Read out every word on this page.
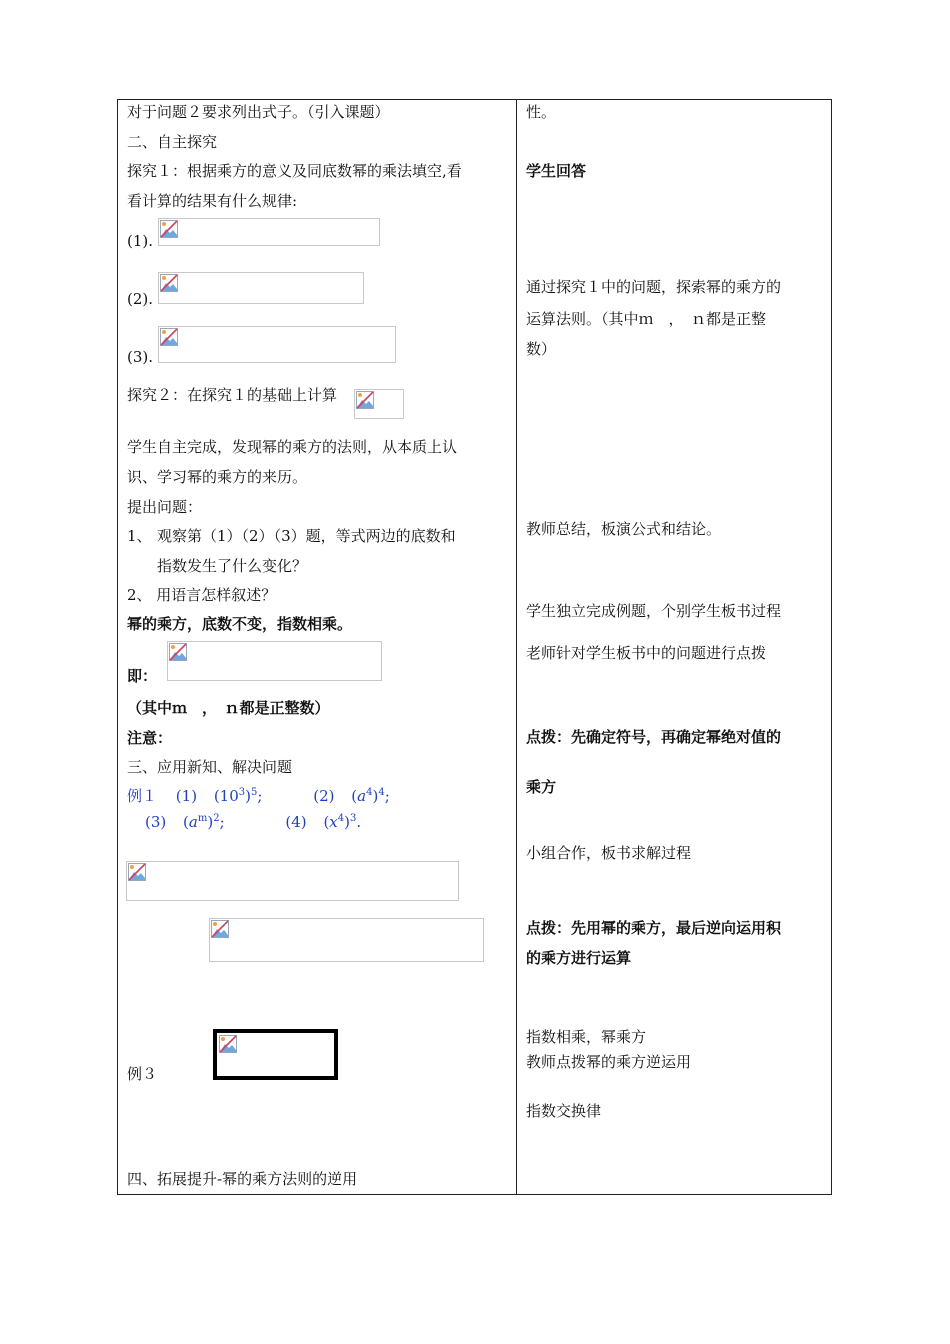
对于问题２要求列出式子。（引入课题）
二、自主探究
探究１：根据乘方的意义及同底数幂的乘法填空,看
看计算的结果有什么规律:
(1).
(2).
(3).
探究２：在探究１的基础上计算
学生自主完成，发现幂的乘方的法则，从本质上认
识、学习幂的乘方的来历。
提出问题：
1、 观察第（1）（2）（3）题，等式两边的底数和
指数发生了什么变化？
2、 用语言怎样叙述？
幂的乘方，底数不变，指数相乘。
即：
（其中ｍ　，　ｎ都是正整数）
注意：
三、应用新知、解决问题
例１ (1) $(10^3)^5$;	(2) $(a^4)^4$;
(3) $(a^m)^2$;	(4) $(x^4)^3$.
例３
四、拓展提升-幂的乘方法则的逆用
性。
学生回答
通过探究１中的问题，探索幂的乘方的
运算法则。（其中ｍ　，　ｎ都是正整
数）
教师总结，板演公式和结论。
学生独立完成例题，个别学生板书过程
老师针对学生板书中的问题进行点拨
点拨：先确定符号，再确定幂绝对值的
乘方
小组合作，板书求解过程
点拨：先用幂的乘方，最后逆向运用积
的乘方进行运算
指数相乘，幂乘方
教师点拨幂的乘方逆运用
指数交换律
